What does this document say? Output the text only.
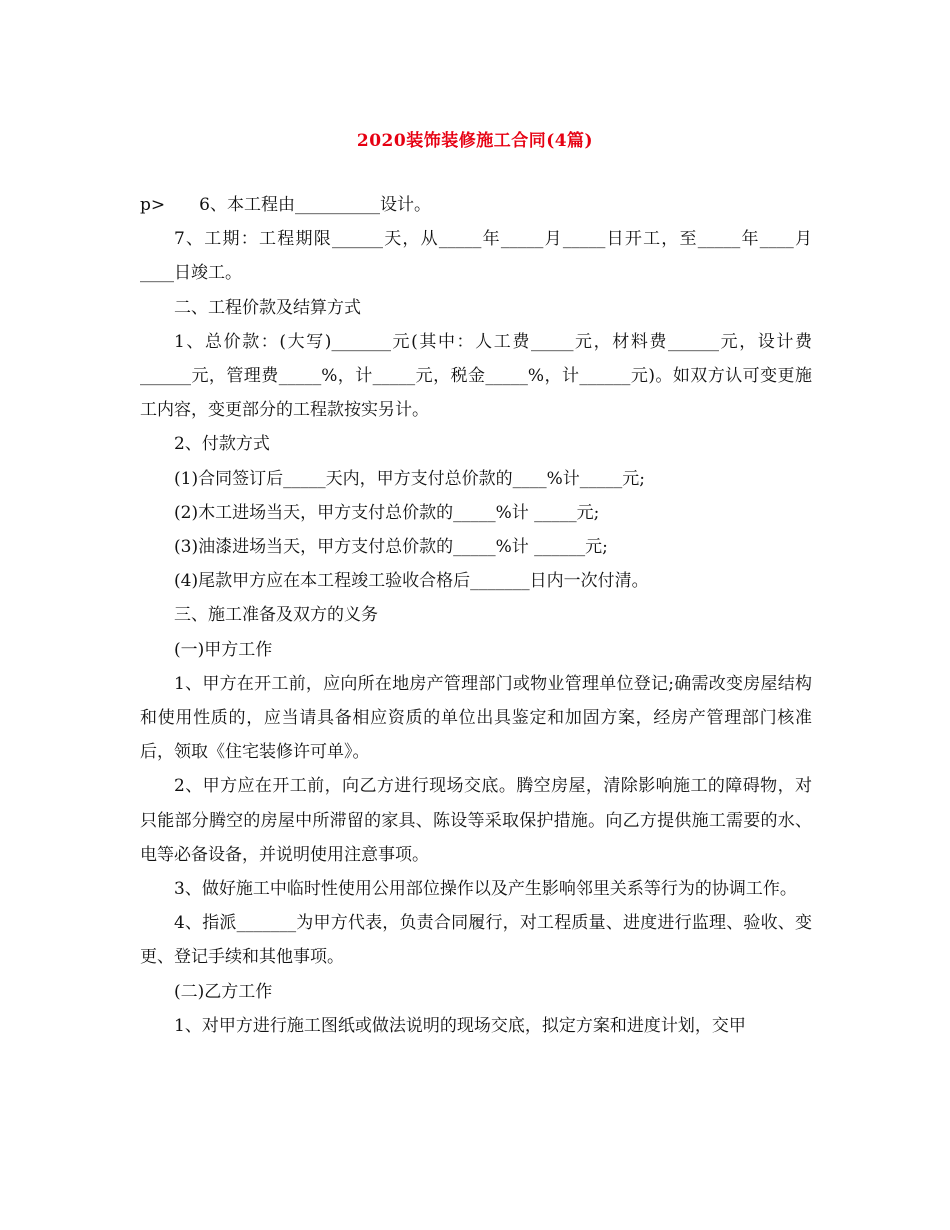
2020装饰装修施工合同(4篇)

p>　　6、本工程由__________设计。

7、工期：工程期限______天，从_____年_____月_____日开工，至_____年____月____日竣工。

二、工程价款及结算方式

1、总价款：(大写)_______元(其中：人工费_____元，材料费______元，设计费 ______元，管理费_____%，计_____元，税金_____%，计______元)。如双方认可变更施工内容，变更部分的工程款按实另计。

2、付款方式

(1)合同签订后_____天内，甲方支付总价款的____%计_____元;

(2)木工进场当天，甲方支付总价款的_____%计 _____元;

(3)油漆进场当天，甲方支付总价款的_____%计 ______元;

(4)尾款甲方应在本工程竣工验收合格后_______日内一次付清。

三、施工准备及双方的义务

(一)甲方工作

1、甲方在开工前，应向所在地房产管理部门或物业管理单位登记;确需改变房屋结构和使用性质的，应当请具备相应资质的单位出具鉴定和加固方案，经房产管理部门核准后，领取《住宅装修许可单》。

2、甲方应在开工前，向乙方进行现场交底。腾空房屋，清除影响施工的障碍物，对只能部分腾空的房屋中所滞留的家具、陈设等采取保护措施。向乙方提供施工需要的水、电等必备设备，并说明使用注意事项。

3、做好施工中临时性使用公用部位操作以及产生影响邻里关系等行为的协调工作。

4、指派_______为甲方代表，负责合同履行，对工程质量、进度进行监理、验收、变更、登记手续和其他事项。

(二)乙方工作

1、对甲方进行施工图纸或做法说明的现场交底，拟定方案和进度计划，交甲
